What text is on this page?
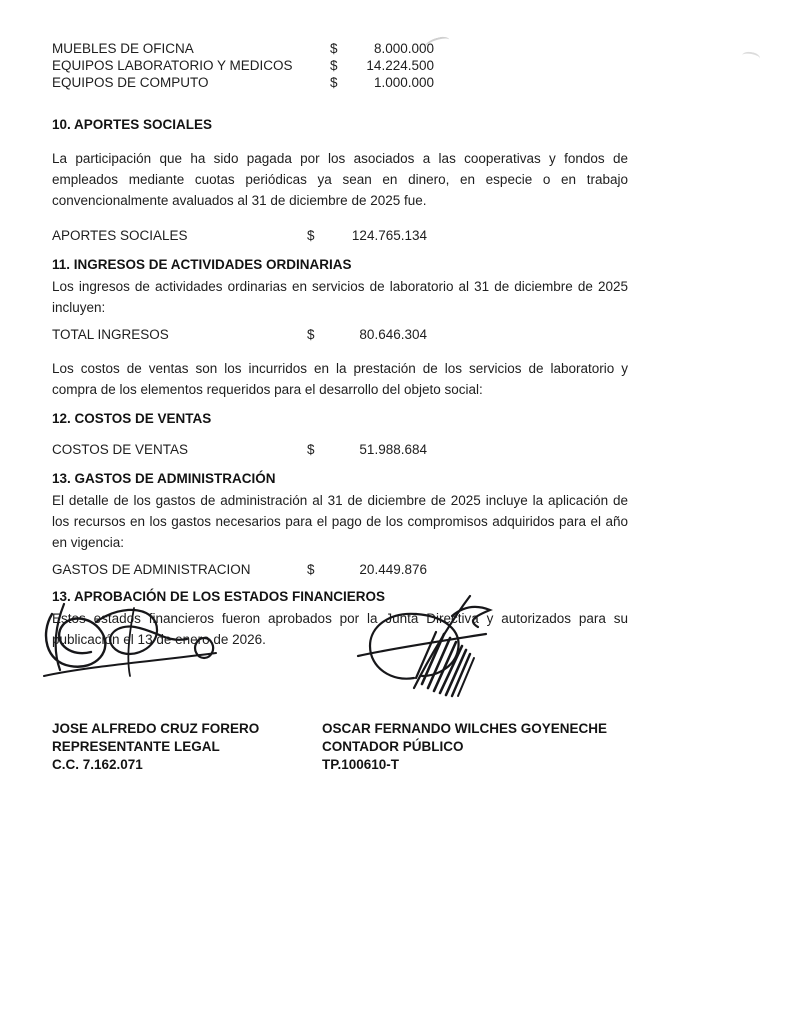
MUEBLES DE OFICNA	$	8.000.000
EQUIPOS LABORATORIO Y MEDICOS	$	14.224.500
EQUIPOS DE COMPUTO	$	1.000.000
10. APORTES SOCIALES

La participación que ha sido pagada por los asociados a las cooperativas y fondos de empleados mediante cuotas periódicas ya sean en dinero, en especie o en trabajo convencionalmente avaluados al 31 de diciembre de 2025 fue.

APORTES SOCIALES	$	124.765.134
11. INGRESOS DE ACTIVIDADES ORDINARIAS

Los ingresos de actividades ordinarias en servicios de laboratorio al 31 de diciembre de 2025 incluyen:

TOTAL INGRESOS	$	80.646.304

Los costos de ventas son los incurridos en la prestación de los servicios de laboratorio y compra de los elementos requeridos para el desarrollo del objeto social:

12. COSTOS DE VENTAS
COSTOS DE VENTAS	$	51.988.684
13. GASTOS DE ADMINISTRACIÓN

El detalle de los gastos de administración al 31 de diciembre de 2025 incluye la aplicación de los recursos en los gastos necesarios para el pago de los compromisos adquiridos para el año en vigencia:

GASTOS DE ADMINISTRACION	$	20.449.876
13. APROBACIÓN DE LOS ESTADOS FINANCIEROS

Estos estados financieros fueron aprobados por la Junta Directiva y autorizados para su publicación el 13 de enero de 2026.

JOSE ALFREDO CRUZ FORERO
REPRESENTANTE LEGAL
C.C. 7.162.071
OSCAR FERNANDO WILCHES GOYENECHE
CONTADOR PÚBLICO
TP.100610-T
